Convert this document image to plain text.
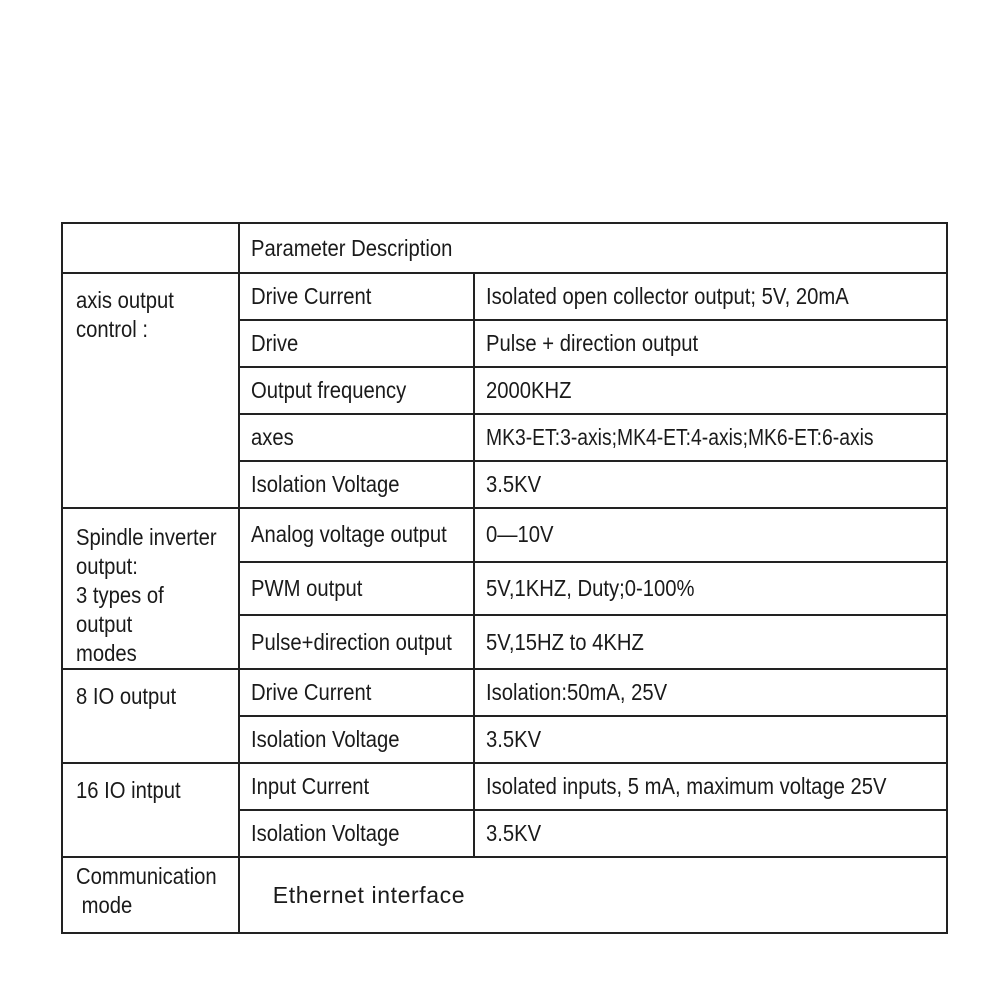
	Parameter Description	

axis output
control :	Drive Current	Isolated open collector output; 5V, 20mA
	Drive	Pulse + direction output
	Output frequency	2000KHZ
	axes	MK3-ET:3-axis;MK4-ET:4-axis;MK6-ET:6-axis
	Isolation Voltage	3.5KV

Spindle inverter
output:
3 types of output
modes	Analog voltage output	0—10V
	PWM output	5V,1KHZ, Duty;0-100%
	Pulse+direction output	5V,15HZ to 4KHZ

8 IO output	Drive Current	Isolation:50mA, 25V
	Isolation Voltage	3.5KV

16 IO intput	Input Current	Isolated inputs, 5 mA, maximum voltage 25V
	Isolation Voltage	3.5KV

Communication
mode	Ethernet interface	
